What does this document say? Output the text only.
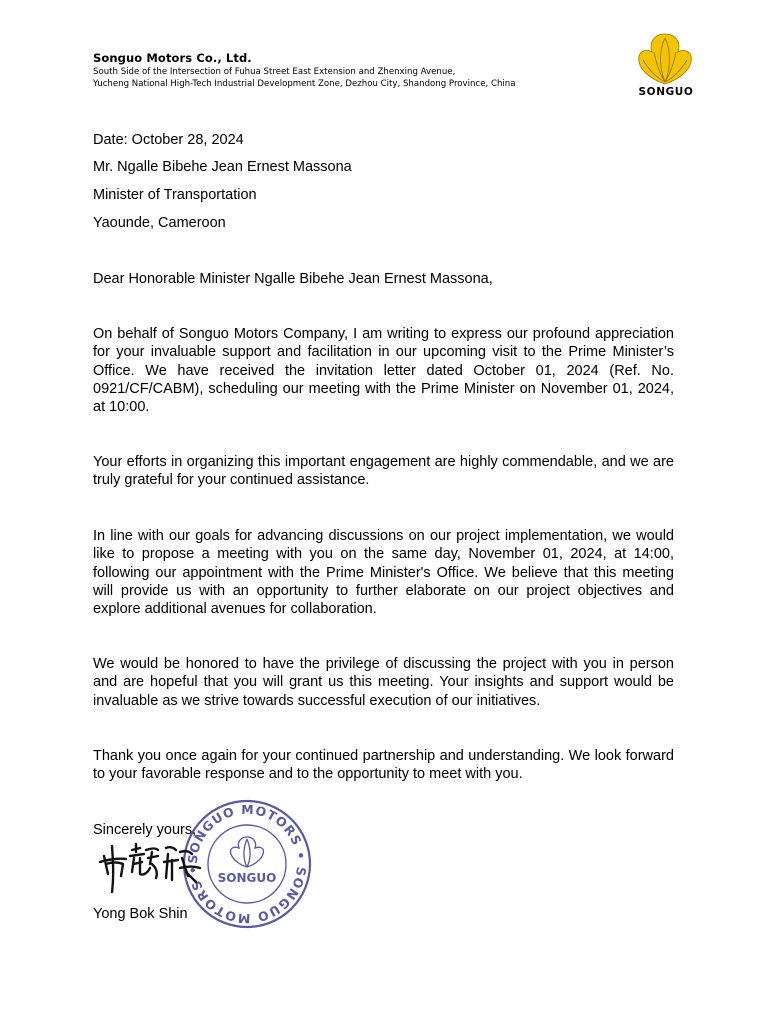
Songuo Motors Co., Ltd.
South Side of the Intersection of Fuhua Street East Extension and Zhenxing Avenue,
Yucheng National High-Tech Industrial Development Zone, Dezhou City, Shandong Province, China
SONGUO
Date: October 28, 2024
Mr. Ngalle Bibehe Jean Ernest Massona
Minister of Transportation
Yaounde, Cameroon
Dear Honorable Minister Ngalle Bibehe Jean Ernest Massona,
On behalf of Songuo Motors Company, I am writing to express our profound appreciation for your invaluable support and facilitation in our upcoming visit to the Prime Minister’s Office. We have received the invitation letter dated October 01, 2024 (Ref. No. 0921/CF/CABM), scheduling our meeting with the Prime Minister on November 01, 2024, at 10:00.
Your efforts in organizing this important engagement are highly commendable, and we are truly grateful for your continued assistance.
In line with our goals for advancing discussions on our project implementation, we would like to propose a meeting with you on the same day, November 01, 2024, at 14:00, following our appointment with the Prime Minister's Office. We believe that this meeting will provide us with an opportunity to further elaborate on our project objectives and explore additional avenues for collaboration.
We would be honored to have the privilege of discussing the project with you in person and are hopeful that you will grant us this meeting. Your insights and support would be invaluable as we strive towards successful execution of our initiatives.
Thank you once again for your continued partnership and understanding. We look forward to your favorable response and to the opportunity to meet with you.
Sincerely yours,
SONGUO MOTORS • SONGUO MOTORS •
SONGUO
Yong Bok Shin
